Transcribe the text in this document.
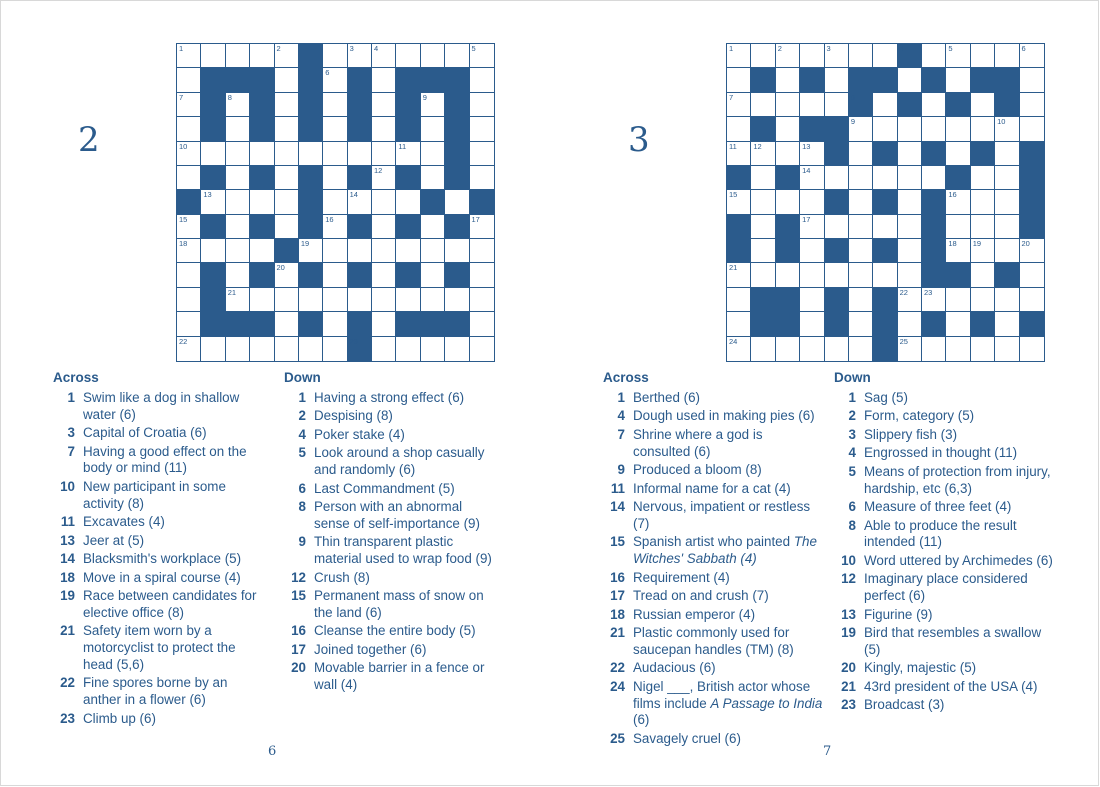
2
1	2	3	4	5
6
7	8	9
10	11
12
13	14
15	16	17
18	19
20
21
22	23
Across
1 Swim like a dog in shallow water (6)
3 Capital of Croatia (6)
7 Having a good effect on the body or mind (11)
10 New participant in some activity (8)
11 Excavates (4)
13 Jeer at (5)
14 Blacksmith's workplace (5)
18 Move in a spiral course (4)
19 Race between candidates for elective office (8)
21 Safety item worn by a motorcyclist to protect the head (5,6)
22 Fine spores borne by an anther in a flower (6)
23 Climb up (6)
Down
1 Having a strong effect (6)
2 Despising (8)
4 Poker stake (4)
5 Look around a shop casually and randomly (6)
6 Last Commandment (5)
8 Person with an abnormal sense of self-importance (9)
9 Thin transparent plastic material used to wrap food (9)
12 Crush (8)
15 Permanent mass of snow on the land (6)
16 Cleanse the entire body (5)
17 Joined together (6)
20 Movable barrier in a fence or wall (4)
6
3
1	2	3	4	5	6
7	8
9	10
11 12	13
14
15	16
17
18 19	20
21
22 23
24	25
Across
1 Berthed (6)
4 Dough used in making pies (6)
7 Shrine where a god is consulted (6)
9 Produced a bloom (8)
11 Informal name for a cat (4)
14 Nervous, impatient or restless (7)
15 Spanish artist who painted The Witches' Sabbath (4)
16 Requirement (4)
17 Tread on and crush (7)
18 Russian emperor (4)
21 Plastic commonly used for saucepan handles (TM) (8)
22 Audacious (6)
24 Nigel ___, British actor whose films include A Passage to India (6)
25 Savagely cruel (6)
Down
1 Sag (5)
2 Form, category (5)
3 Slippery fish (3)
4 Engrossed in thought (11)
5 Means of protection from injury, hardship, etc (6,3)
6 Measure of three feet (4)
8 Able to produce the result intended (11)
10 Word uttered by Archimedes (6)
12 Imaginary place considered perfect (6)
13 Figurine (9)
19 Bird that resembles a swallow (5)
20 Kingly, majestic (5)
21 43rd president of the USA (4)
23 Broadcast (3)
7
